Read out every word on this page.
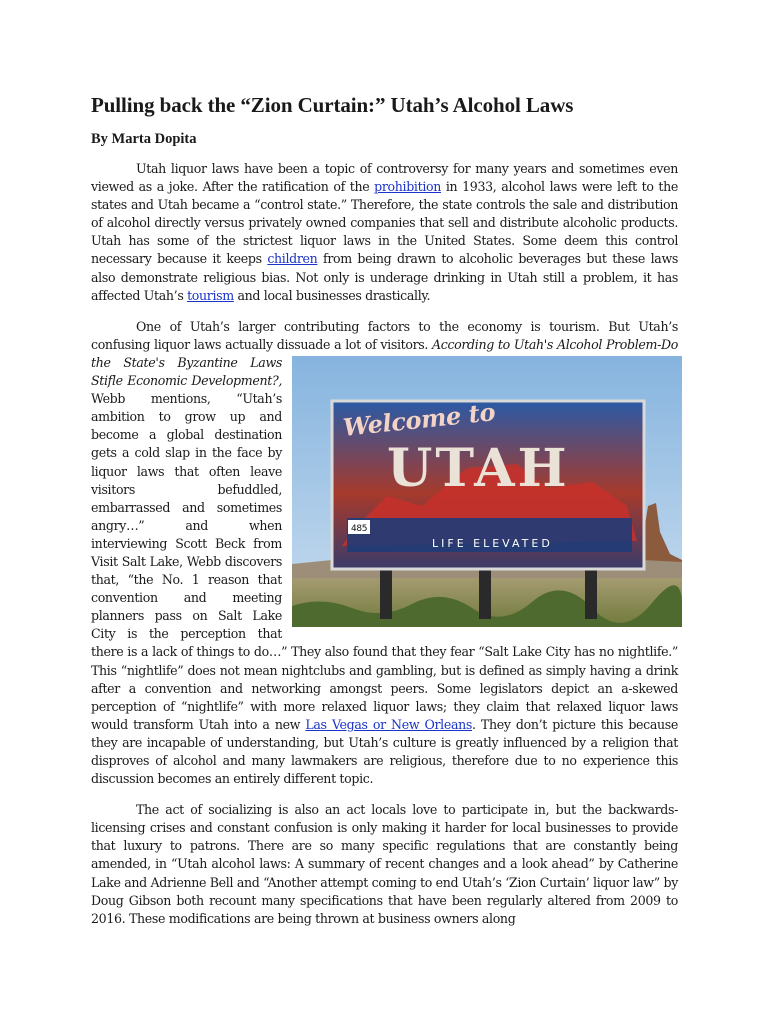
Pulling back the “Zion Curtain:” Utah’s Alcohol Laws
By Marta Dopita

Utah liquor laws have been a topic of controversy for many years and sometimes even viewed as a joke. After the ratification of the prohibition in 1933, alcohol laws were left to the states and Utah became a “control state.” Therefore, the state controls the sale and distribution of alcohol directly versus privately owned companies that sell and distribute alcoholic products. Utah has some of the strictest liquor laws in the United States. Some deem this control necessary because it keeps children from being drawn to alcoholic beverages but these laws also demonstrate religious bias. Not only is underage drinking in Utah still a problem, it has affected Utah’s tourism and local businesses drastically.

One of Utah’s larger contributing factors to the economy is tourism. But Utah’s confusing liquor laws actually dissuade a lot of visitors.
Welcome to
UTAH
LIFE ELEVATED
485
According to Utah's Alcohol Problem-Do the State's Byzantine Laws Stifle Economic Development?, Webb mentions, “Utah’s ambition to grow up and become a global destination gets a cold slap in the face by liquor laws that often leave visitors befuddled, embarrassed and sometimes angry…” and when interviewing Scott Beck from Visit Salt Lake, Webb discovers that, “the No. 1 reason that convention and meeting planners pass on Salt Lake City is the perception that there is a lack of things to do…” They also found that they fear “Salt Lake City has no nightlife.” This “nightlife” does not mean nightclubs and gambling, but is defined as simply having a drink after a convention and networking amongst peers. Some legislators depict an a-skewed perception of “nightlife” with more relaxed liquor laws; they claim that relaxed liquor laws would transform Utah into a new Las Vegas or New Orleans. They don’t picture this because they are incapable of understanding, but Utah’s culture is greatly influenced by a religion that disproves of alcohol and many lawmakers are religious, therefore due to no experience this discussion becomes an entirely different topic.

The act of socializing is also an act locals love to participate in, but the backwards-licensing crises and constant confusion is only making it harder for local businesses to provide that luxury to patrons. There are so many specific regulations that are constantly being amended, in “Utah alcohol laws: A summary of recent changes and a look ahead” by Catherine Lake and Adrienne Bell and “Another attempt coming to end Utah’s ‘Zion Curtain’ liquor law” by Doug Gibson both recount many specifications that have been regularly altered from 2009 to 2016. These modifications are being thrown at business owners along
